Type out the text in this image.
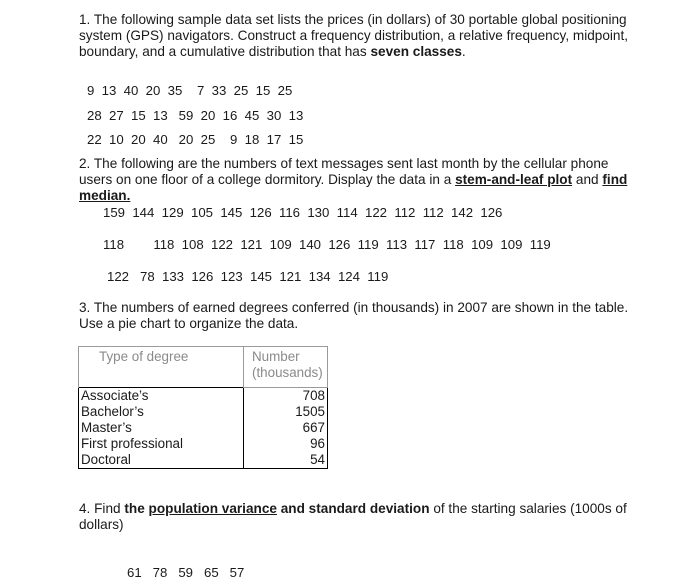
1. The following sample data set lists the prices (in dollars) of 30 portable global positioning system (GPS) navigators. Construct a frequency distribution, a relative frequency, midpoint, boundary, and a cumulative distribution that has seven classes.
9  13  40  20  35    7  33  25  15  25
28  27  15  13   59  20  16  45  30  13
22  10  20  40   20  25    9  18  17  15
2. The following are the numbers of text messages sent last month by the cellular phone users on one floor of a college dormitory. Display the data in a stem-and-leaf plot and find median.
159  144  129  105  145  126  116  130  114  122  112  112  142  126
118        118  108  122  121  109  140  126  119  113  117  118  109  109  119
122   78  133  126  123  145  121  134  124  119
3. The numbers of earned degrees conferred (in thousands) in 2007 are shown in the table. Use a pie chart to organize the data.
Type of degree	Number
(thousands)
Associate’s	708
Bachelor’s	1505
Master’s	667
First professional	96
Doctoral	54
4. Find the population variance and standard deviation of the starting salaries (1000s of dollars)
61   78   59   65   57
